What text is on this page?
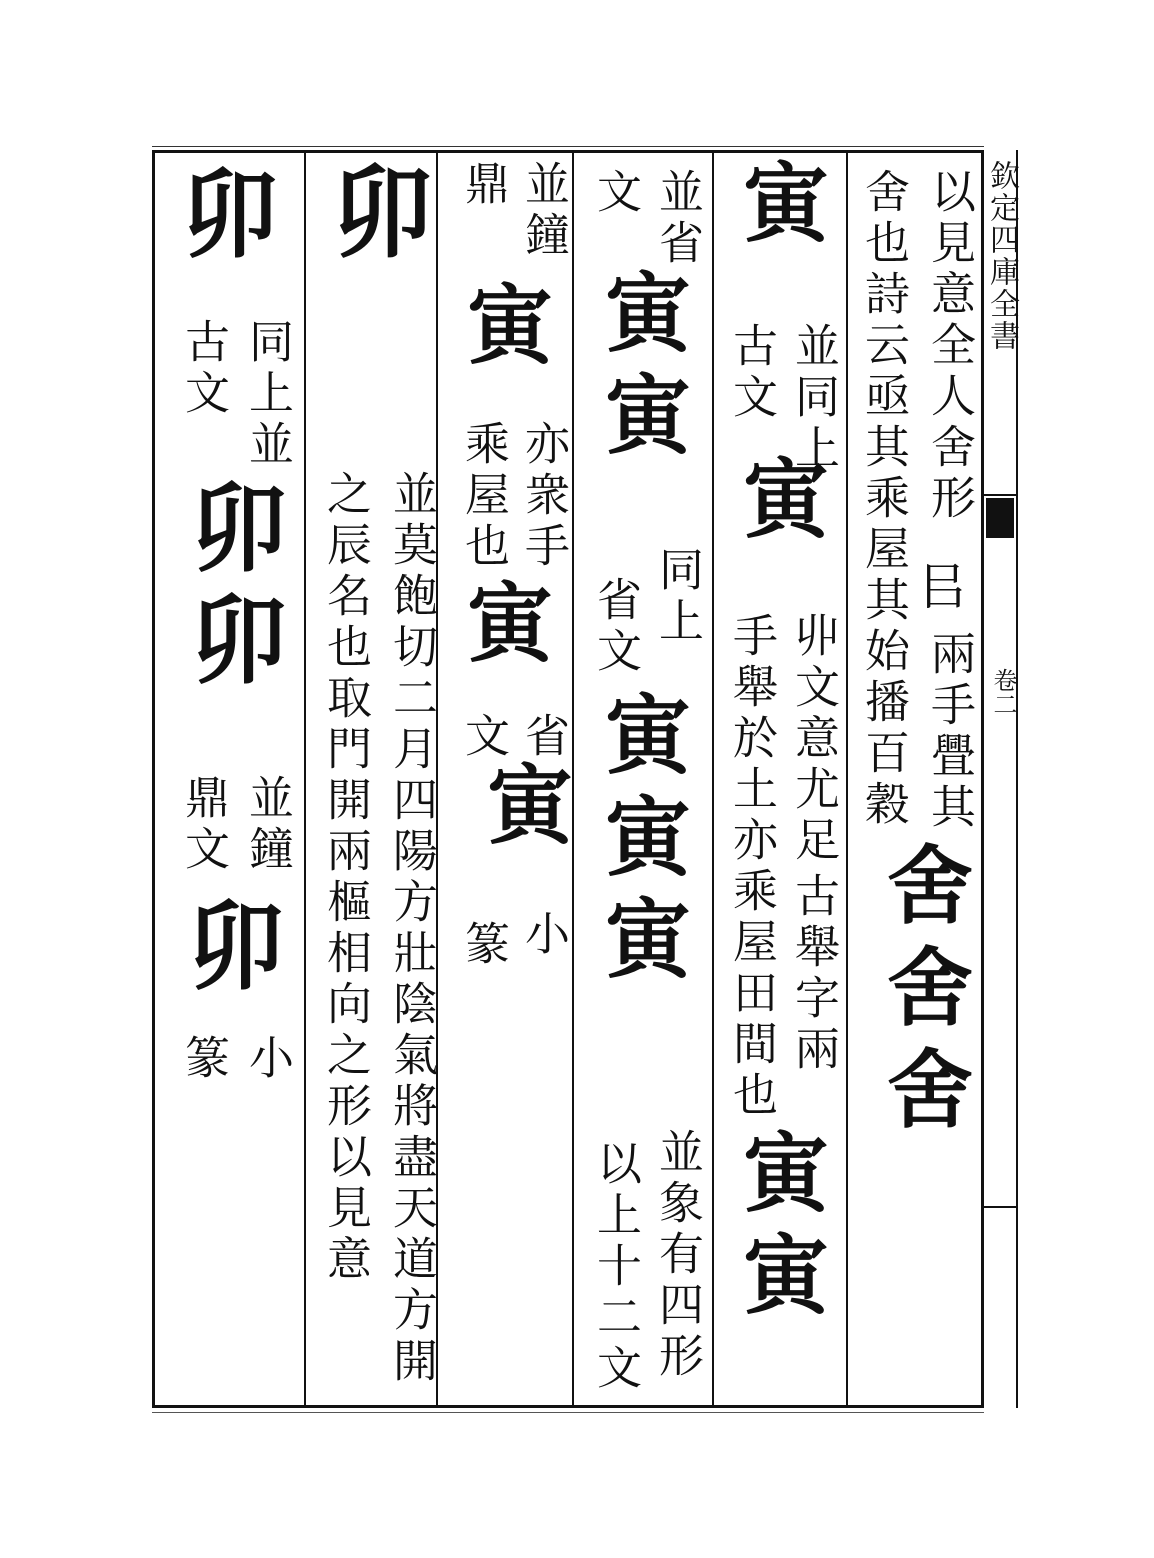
欽定四庫全書
卷二
以見意全人舍形
㠯
兩手舋其
舍舍舍
舍也詩云亟其乘屋其始播百穀
寅
並同上
古文
寅
丱文意尤足
古舉字兩
手舉於土亦乘屋田間也
寅寅
並省
文
寅寅
同上
省文
寅寅寅
並象有四形
以上十二文
並鐘
鼎
寅
亦衆手
乘屋也
寅
省
文
寅
小
篆
卯
並莫飽切二月四陽方壯陰氣將盡天道方開
之辰名也取門開兩樞相向之形以見意
卯
同上並
古文
卯卯
並鐘
鼎文
卯
小
篆
